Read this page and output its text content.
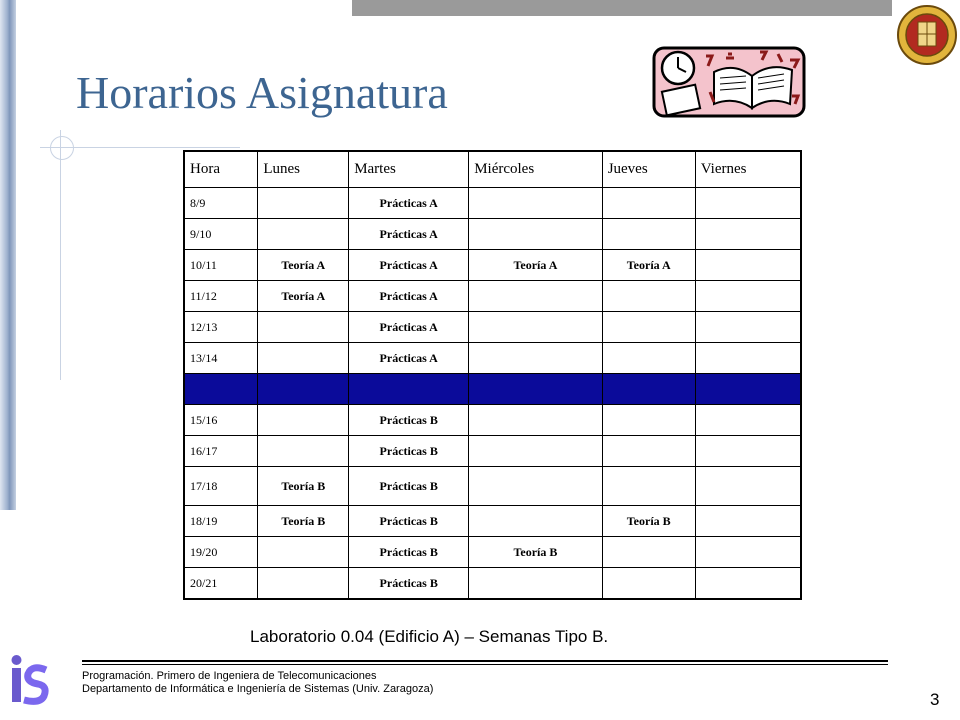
Horarios Asignatura
Hora	Lunes	Martes	Miércoles	Jueves	Viernes
8/9		Prácticas A			
9/10		Prácticas A			
10/11	Teoría A	Prácticas A	Teoría A	Teoría A	
11/12	Teoría A	Prácticas A			
12/13		Prácticas A			
13/14		Prácticas A			

15/16		Prácticas B			
16/17		Prácticas B			
17/18	Teoría B	Prácticas B			
18/19	Teoría B	Prácticas B		Teoría B	
19/20		Prácticas B	Teoría B		
20/21		Prácticas B			
Laboratorio 0.04 (Edificio A) – Semanas Tipo B.
Programación. Primero de Ingeniera de Telecomunicaciones
Departamento de Informática e Ingeniería de Sistemas (Univ. Zaragoza)
3
